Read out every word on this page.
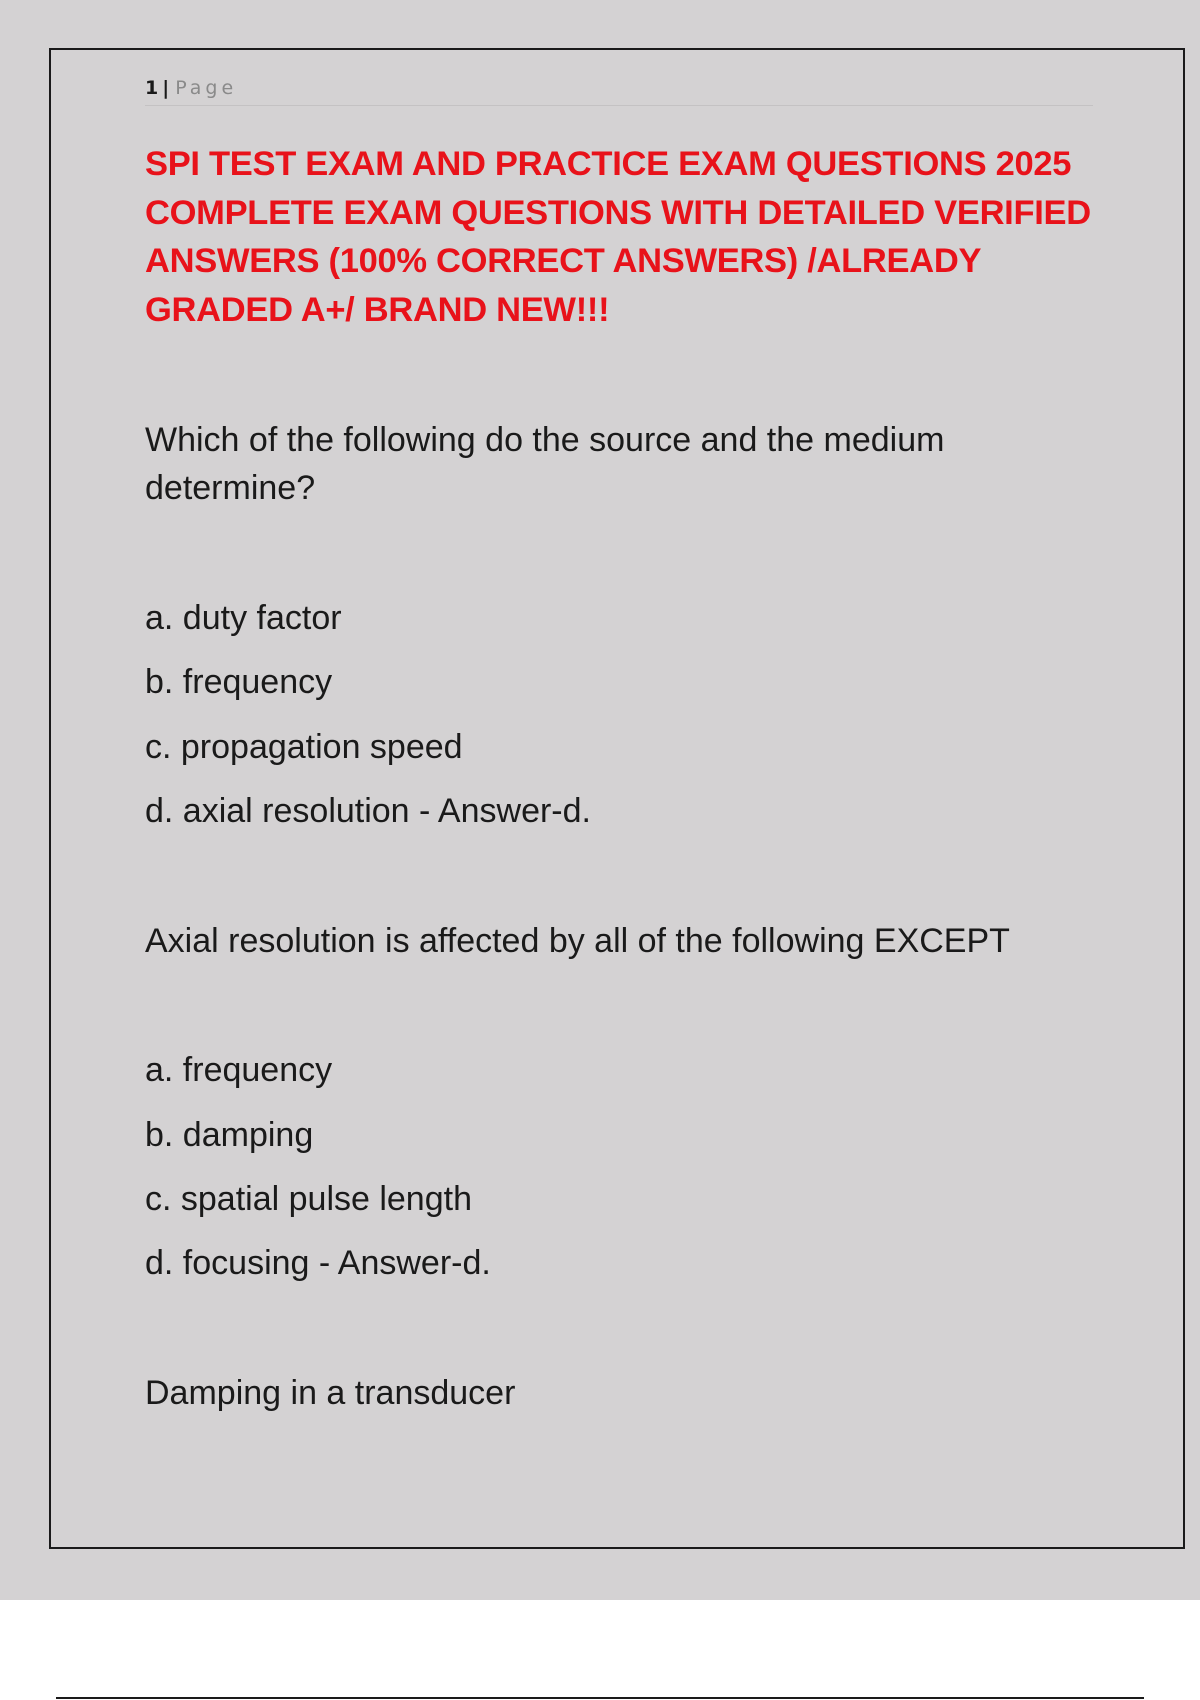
1 | Page
SPI TEST EXAM AND PRACTICE EXAM QUESTIONS 2025 COMPLETE EXAM QUESTIONS WITH DETAILED VERIFIED ANSWERS (100% CORRECT ANSWERS) /ALREADY GRADED A+/ BRAND NEW!!!

Which of the following do the source and the medium determine?

a. duty factor

b. frequency

c. propagation speed

d. axial resolution - Answer-d.

Axial resolution is affected by all of the following EXCEPT

a. frequency

b. damping

c. spatial pulse length

d. focusing - Answer-d.

Damping in a transducer
